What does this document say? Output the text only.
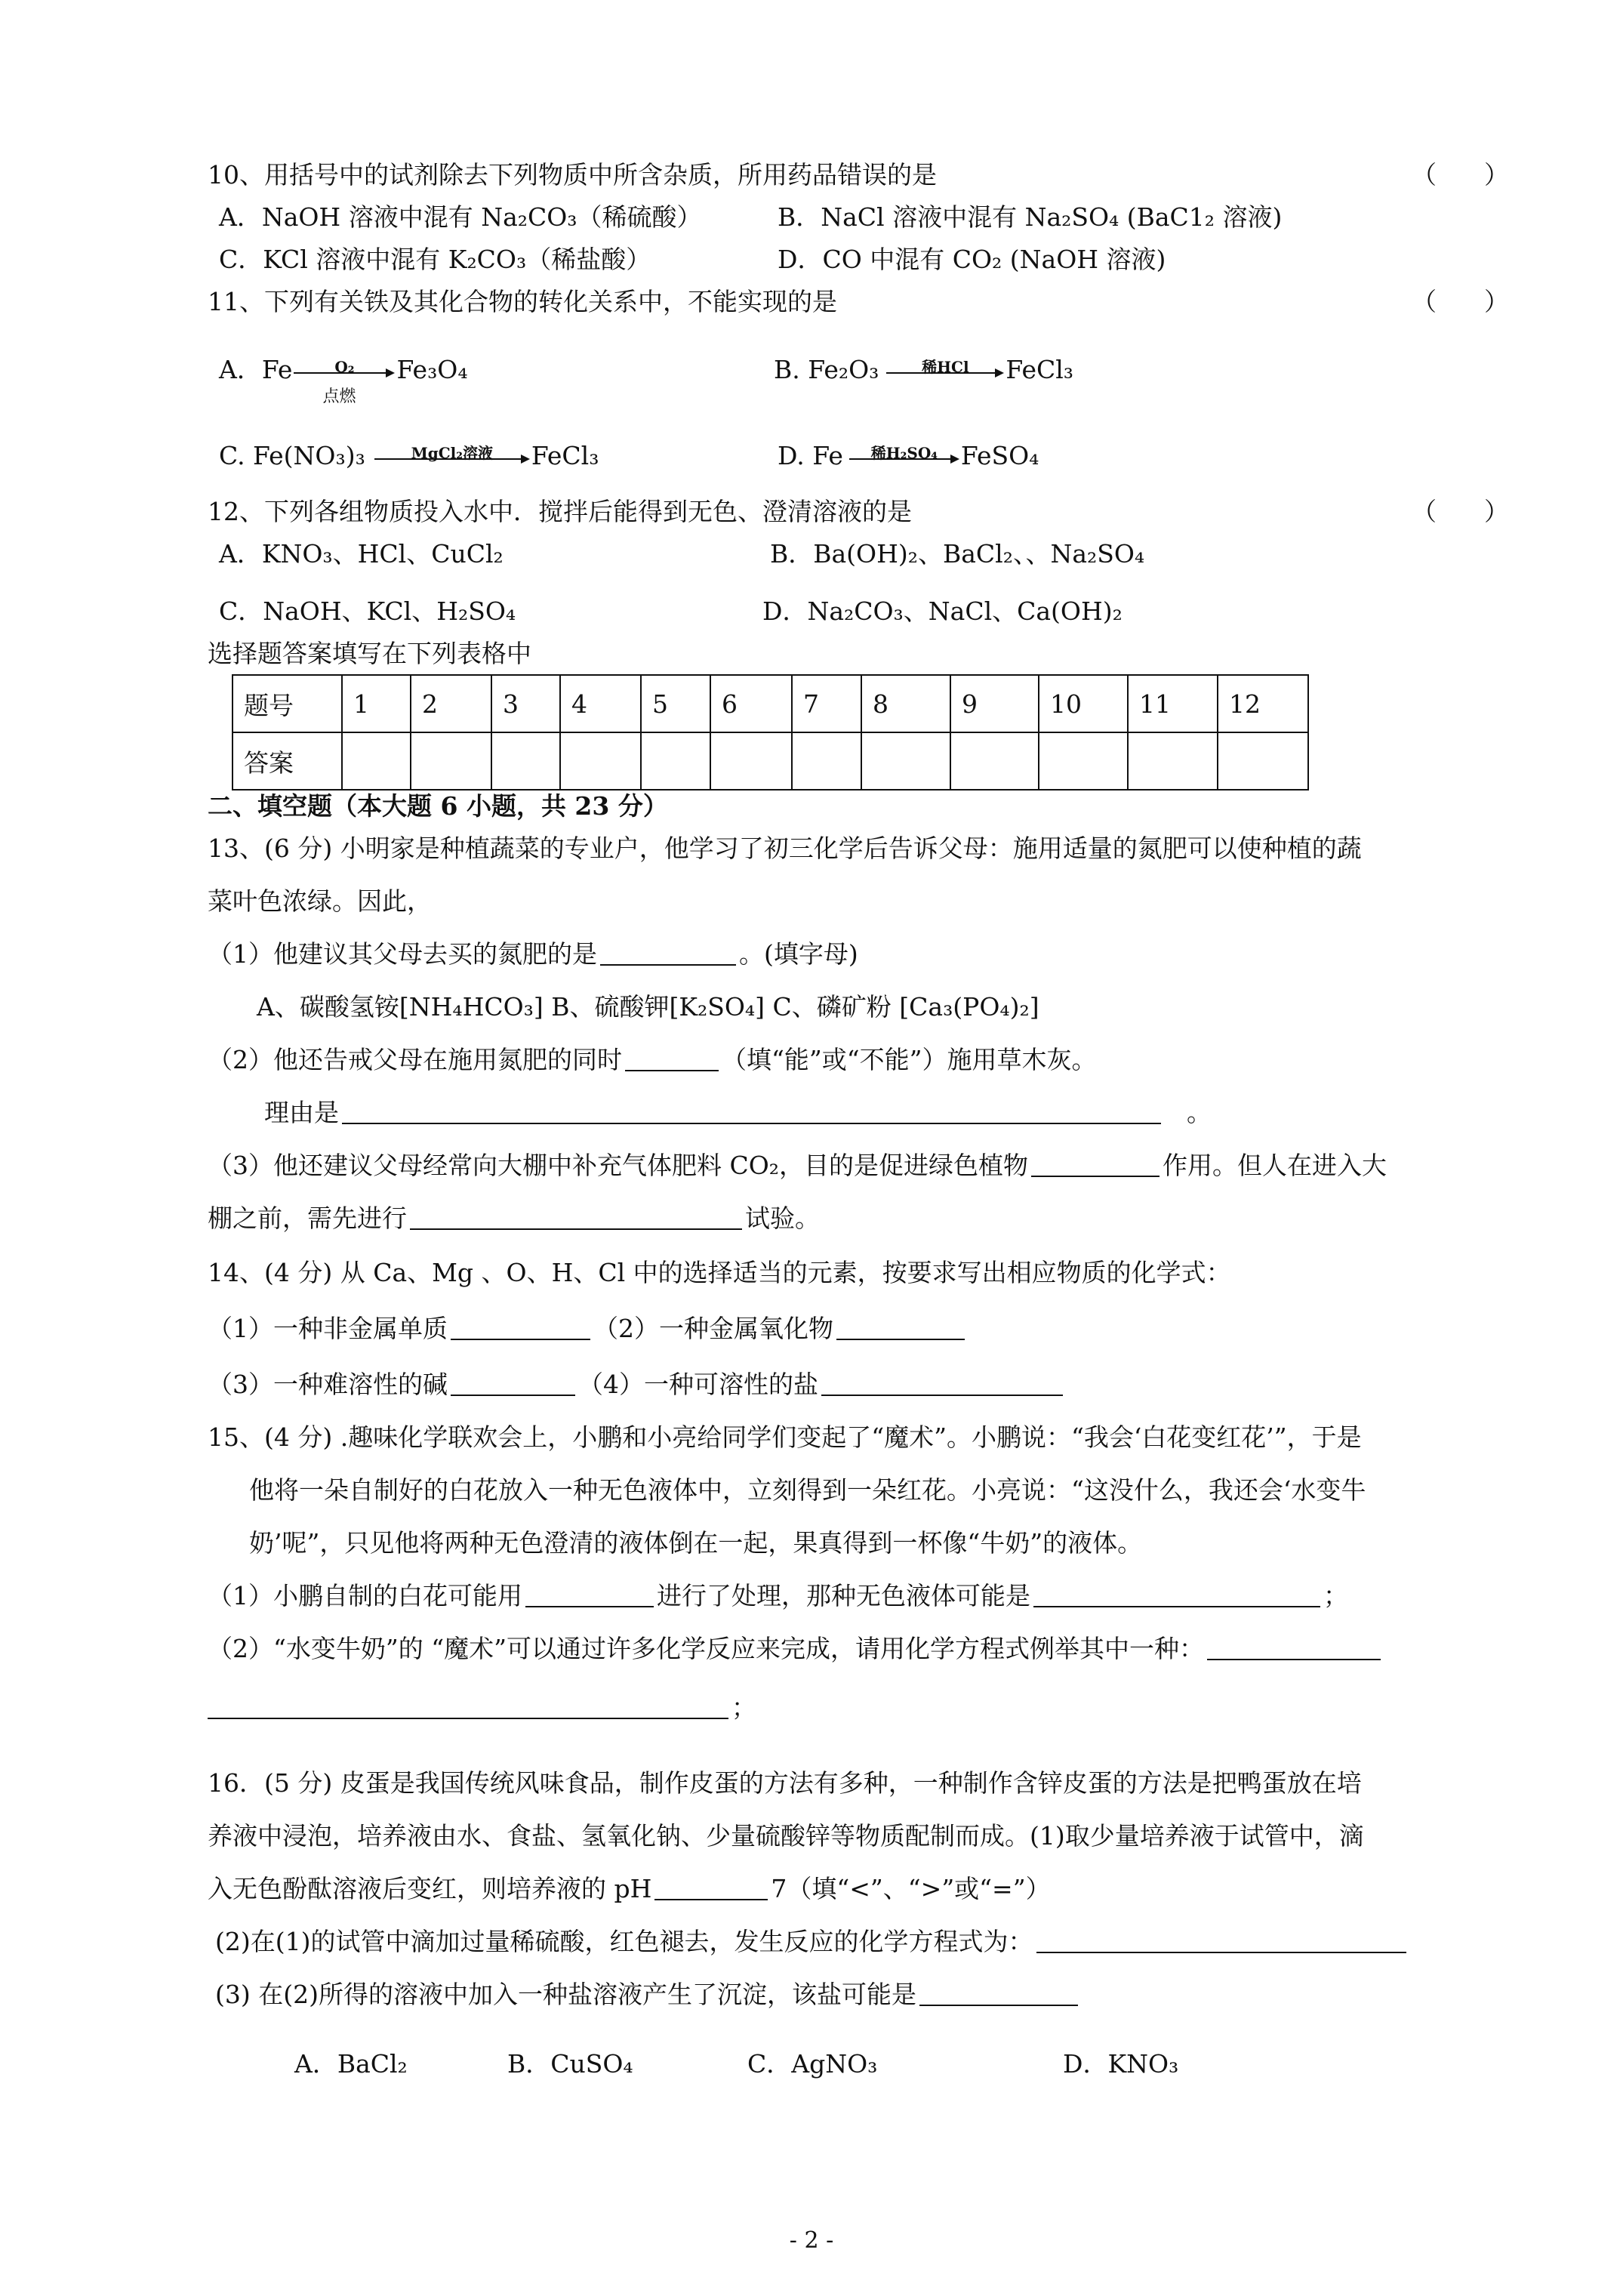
10、用括号中的试剂除去下列物质中所含杂质，所用药品错误的是	（      ）
A．NaOH 溶液中混有 Na₂CO₃（稀硫酸）	B．NaCl 溶液中混有 Na₂SO₄ (BaC1₂ 溶液)
C．KCl 溶液中混有 K₂CO₃（稀盐酸）	D．CO 中混有 CO₂ (NaOH 溶液)
11、下列有关铁及其化合物的转化关系中，不能实现的是	（      ）
A．Fe	O₂
点燃
Fe₃O₄	B. Fe₂O₃	稀HCl	FeCl₃
C. Fe(NO₃)₃	MgCl₂溶液	FeCl₃	D. Fe	稀H₂SO₄ FeSO₄
12、下列各组物质投入水中．搅拌后能得到无色、澄清溶液的是	（      ）
A．KNO₃、HCl、CuCl₂	B．Ba(OH)₂、BaCl₂、、Na₂SO₄
C．NaOH、KCl、H₂SO₄	D．Na₂CO₃、NaCl、Ca(OH)₂
选择题答案填写在下列表格中
题号	1	2	3	4	5	6	7	8	9	10	11	12
答案												
二、填空题（本大题 6 小题，共 23 分）
13、(6 分) 小明家是种植蔬菜的专业户，他学习了初三化学后告诉父母：施用适量的氮肥可以使种植的蔬
菜叶色浓绿。因此，
（1）他建议其父母去买的氮肥的是	。(填字母)
A、碳酸氢铵[NH₄HCO₃] B、硫酸钾[K₂SO₄] C、磷矿粉 [Ca₃(PO₄)₂]
（2）他还告戒父母在施用氮肥的同时	（填“能”或“不能”）施用草木灰。
理由是	。
（3）他还建议父母经常向大棚中补充气体肥料 CO₂，目的是促进绿色植物	作用。但人在进入大
棚之前，需先进行	试验。
14、(4 分) 从 Ca、Mg 、O、H、Cl 中的选择适当的元素，按要求写出相应物质的化学式：
（1）一种非金属单质	（2）一种金属氧化物
（3）一种难溶性的碱	（4）一种可溶性的盐
15、(4 分) .趣味化学联欢会上，小鹏和小亮给同学们变起了“魔术”。小鹏说：“我会‘白花变红花’”，于是
他将一朵自制好的白花放入一种无色液体中，立刻得到一朵红花。小亮说：“这没什么，我还会‘水变牛
奶’呢”，只见他将两种无色澄清的液体倒在一起，果真得到一杯像“牛奶”的液体。
（1）小鹏自制的白花可能用	进行了处理，那种无色液体可能是	；
（2）“水变牛奶”的 “魔术”可以通过许多化学反应来完成，请用化学方程式例举其中一种：
；
16．(5 分) 皮蛋是我国传统风味食品，制作皮蛋的方法有多种，一种制作含锌皮蛋的方法是把鸭蛋放在培
养液中浸泡，培养液由水、食盐、氢氧化钠、少量硫酸锌等物质配制而成。(1)取少量培养液于试管中，滴
入无色酚酞溶液后变红，则培养液的 pH	7（填“<”、“>”或“=”）
(2)在(1)的试管中滴加过量稀硫酸，红色褪去，发生反应的化学方程式为：
(3) 在(2)所得的溶液中加入一种盐溶液产生了沉淀，该盐可能是
A．BaCl₂	B．CuSO₄	C．AgNO₃	D．KNO₃
- 2 -
